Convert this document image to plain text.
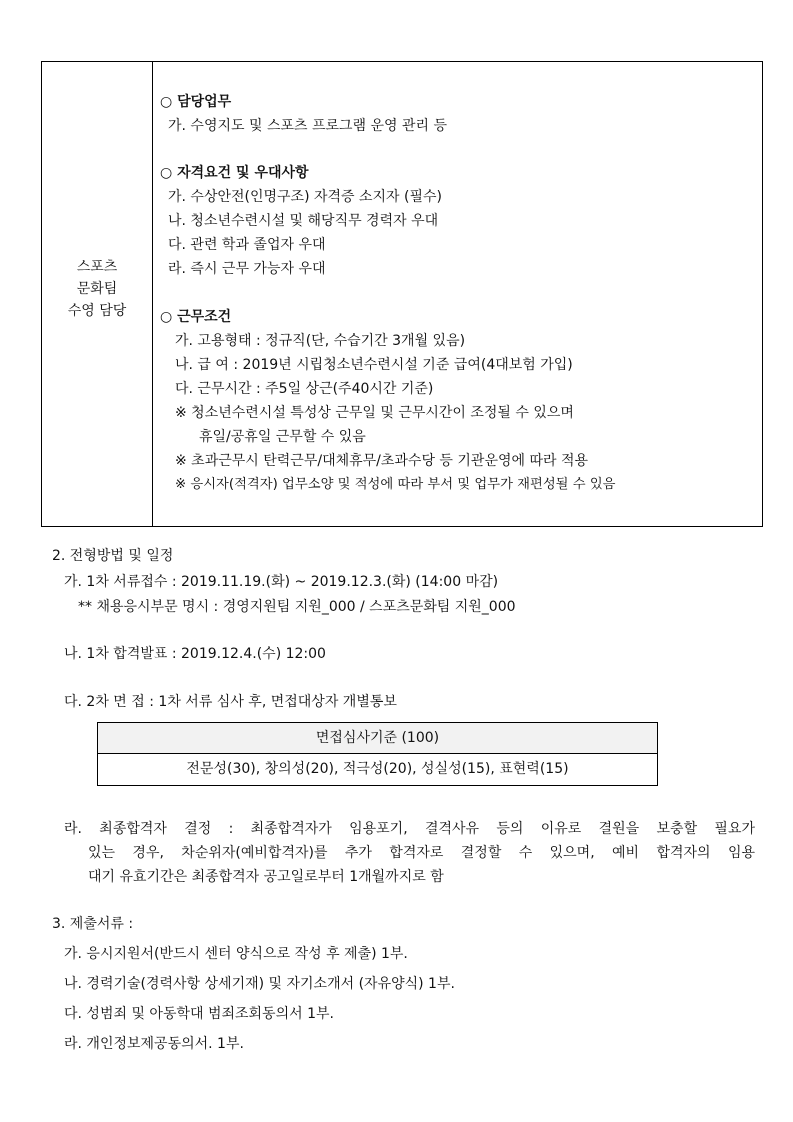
스포츠
문화팀
수영 담당
○ 담당업무
가. 수영지도 및 스포츠 프로그램 운영 관리 등
○ 자격요건 및 우대사항
가. 수상안전(인명구조) 자격증 소지자 (필수)
나. 청소년수련시설 및 해당직무 경력자 우대
다. 관련 학과 졸업자 우대
라. 즉시 근무 가능자 우대
○ 근무조건
가. 고용형태 : 정규직(단, 수습기간 3개월 있음)
나. 급 여 : 2019년 시립청소년수련시설 기준 급여(4대보험 가입)
다. 근무시간 : 주5일 상근(주40시간 기준)
※ 청소년수련시설 특성상 근무일 및 근무시간이 조정될 수 있으며
휴일/공휴일 근무할 수 있음
※ 초과근무시 탄력근무/대체휴무/초과수당 등 기관운영에 따라 적용
※ 응시자(적격자) 업무소양 및 적성에 따라 부서 및 업무가 재편성될 수 있음
2. 전형방법 및 일정
가. 1차 서류접수 : 2019.11.19.(화) ~ 2019.12.3.(화) (14:00 마감)
** 채용응시부문 명시 : 경영지원팀 지원_000 / 스포츠문화팀 지원_000
나. 1차 합격발표 : 2019.12.4.(수) 12:00
다. 2차 면 접 : 1차 서류 심사 후, 면접대상자 개별통보
면접심사기준 (100)
전문성(30), 창의성(20), 적극성(20), 성실성(15), 표현력(15)
라. 최종합격자 결정 : 최종합격자가 임용포기, 결격사유 등의 이유로 결원을 보충할 필요가
있는 경우, 차순위자(예비합격자)를 추가 합격자로 결정할 수 있으며, 예비 합격자의 임용
대기 유효기간은 최종합격자 공고일로부터 1개월까지로 함
3. 제출서류 :
가. 응시지원서(반드시 센터 양식으로 작성 후 제출) 1부.
나. 경력기술(경력사항 상세기재) 및 자기소개서 (자유양식) 1부.
다. 성범죄 및 아동학대 범죄조회동의서 1부.
라. 개인정보제공동의서. 1부.
